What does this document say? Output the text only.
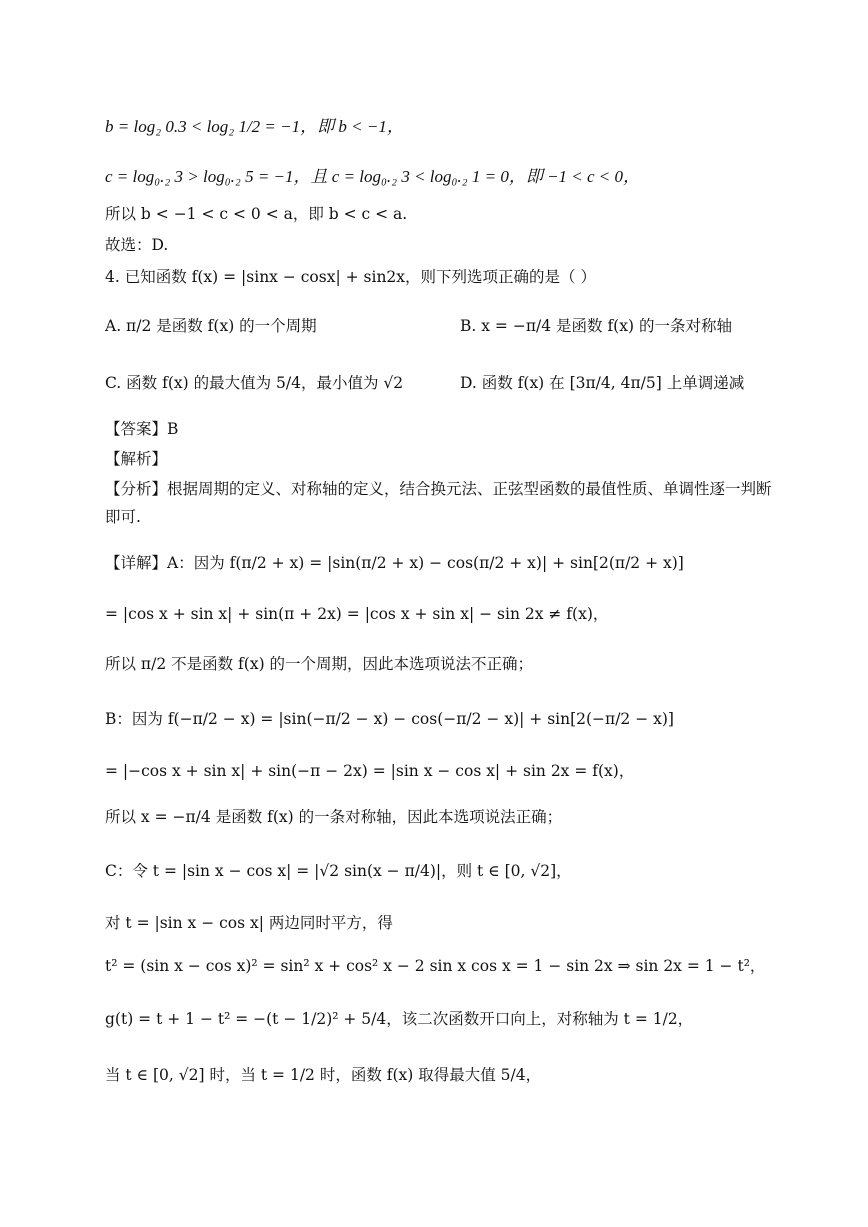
b = log₂ 0.3 < log₂ 1/2 = −1，即 b < −1，
c = log₀.₂ 3 > log₀.₂ 5 = −1，且 c = log₀.₂ 3 < log₀.₂ 1 = 0，即 −1 < c < 0，
所以 b < −1 < c < 0 < a，即 b < c < a.
故选：D.
4. 已知函数 f(x) = |sinx − cosx| + sin2x，则下列选项正确的是（ ）
A. π/2 是函数 f(x) 的一个周期	B. x = −π/4 是函数 f(x) 的一条对称轴
C. 函数 f(x) 的最大值为 5/4，最小值为 √2	D. 函数 f(x) 在 [3π/4, 4π/5] 上单调递减
【答案】B
【解析】
【分析】根据周期的定义、对称轴的定义，结合换元法、正弦型函数的最值性质、单调性逐一判断
即可.
【详解】A：因为 f(π/2 + x) = |sin(π/2 + x) − cos(π/2 + x)| + sin[2(π/2 + x)]
= |cos x + sin x| + sin(π + 2x) = |cos x + sin x| − sin 2x ≠ f(x)，
所以 π/2 不是函数 f(x) 的一个周期，因此本选项说法不正确；
B：因为 f(−π/2 − x) = |sin(−π/2 − x) − cos(−π/2 − x)| + sin[2(−π/2 − x)]
= |−cos x + sin x| + sin(−π − 2x) = |sin x − cos x| + sin 2x = f(x)，
所以 x = −π/4 是函数 f(x) 的一条对称轴，因此本选项说法正确；
C：令 t = |sin x − cos x| = |√2 sin(x − π/4)|，则 t ∈ [0, √2]，
对 t = |sin x − cos x| 两边同时平方，得
t² = (sin x − cos x)² = sin² x + cos² x − 2 sin x cos x = 1 − sin 2x ⇒ sin 2x = 1 − t²，
g(t) = t + 1 − t² = −(t − 1/2)² + 5/4，该二次函数开口向上，对称轴为 t = 1/2，
当 t ∈ [0, √2] 时，当 t = 1/2 时，函数 f(x) 取得最大值 5/4，
